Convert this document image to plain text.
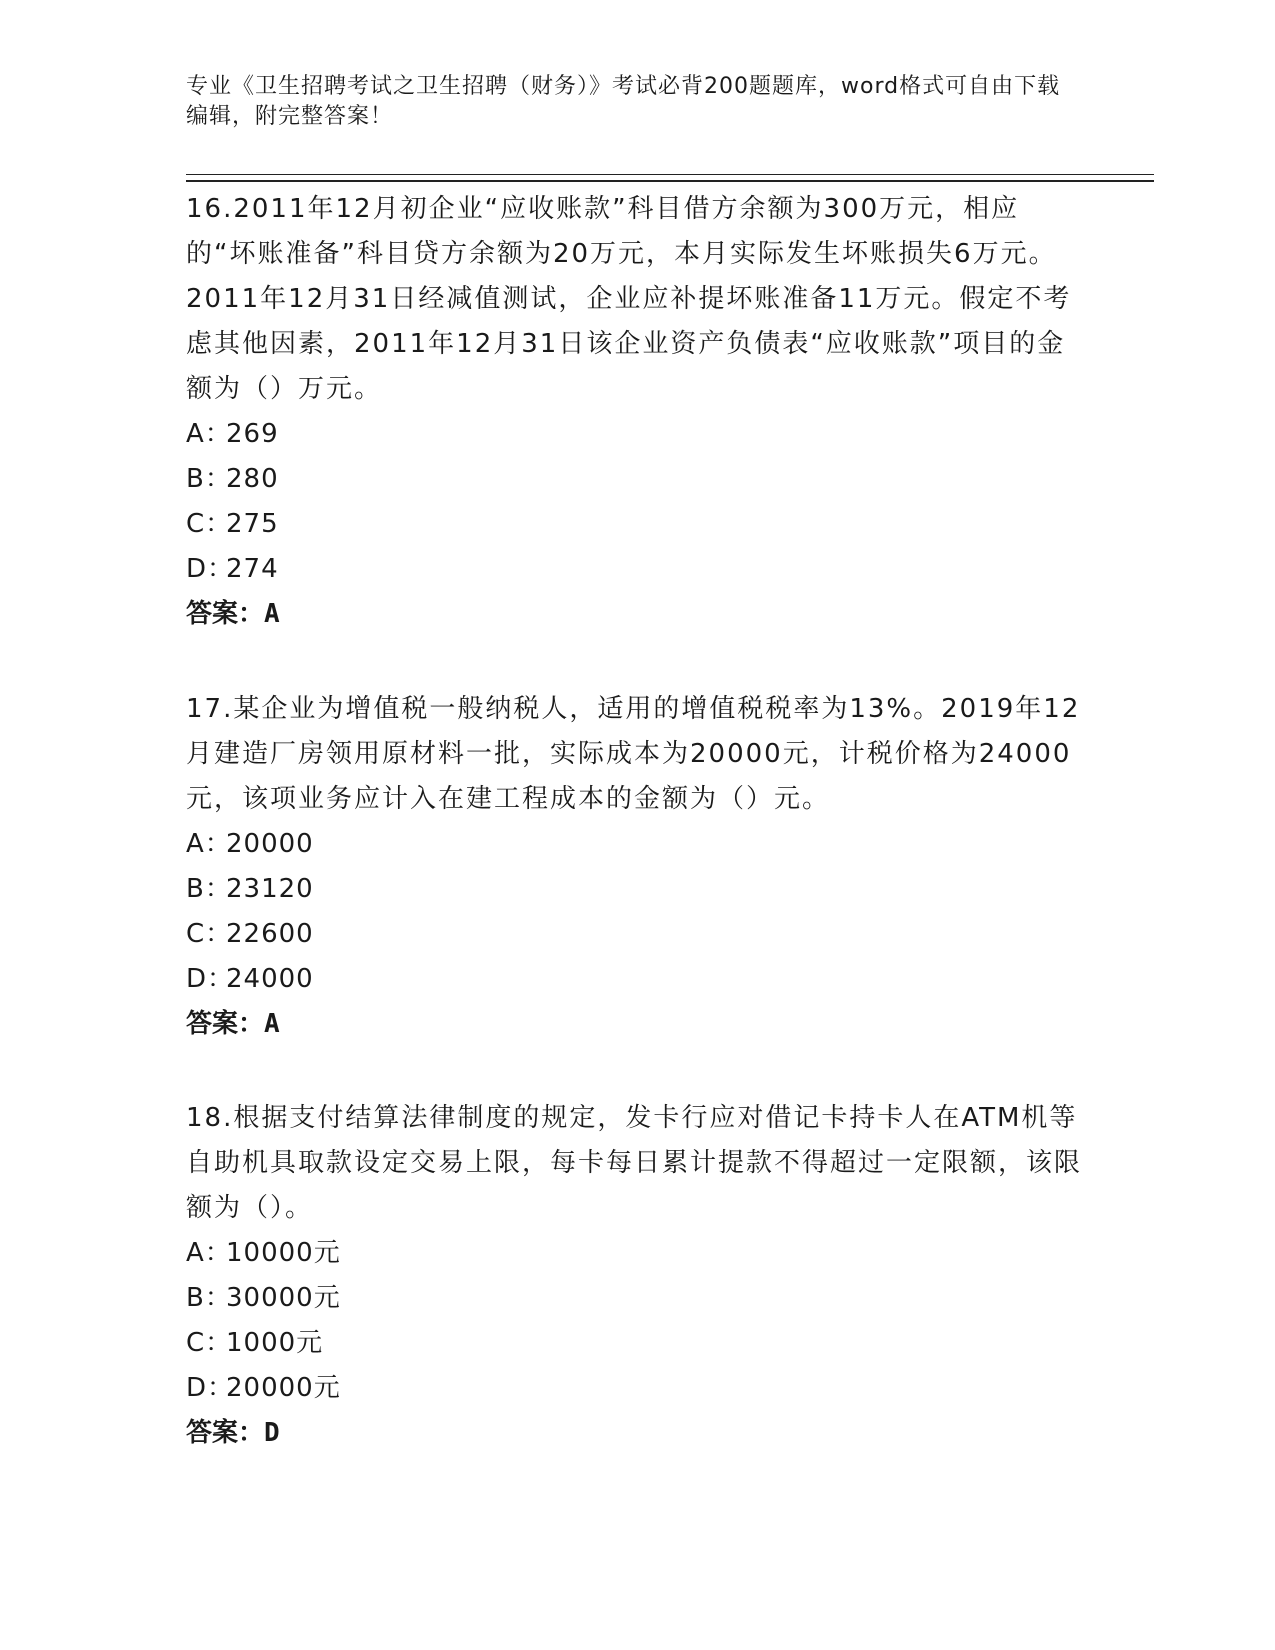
专业《卫生招聘考试之卫生招聘（财务）》考试必背200题题库，word格式可自由下载编辑，附完整答案！

16.2011年12月初企业“应收账款”科目借方余额为300万元，相应的“坏账准备”科目贷方余额为20万元，本月实际发生坏账损失6万元。2011年12月31日经减值测试，企业应补提坏账准备11万元。假定不考虑其他因素，2011年12月31日该企业资产负债表“应收账款”项目的金额为（）万元。

A：269

B：280

C：275

D：274

答案：A

17.某企业为增值税一般纳税人，适用的增值税税率为13%。2019年12月建造厂房领用原材料一批，实际成本为20000元，计税价格为24000元，该项业务应计入在建工程成本的金额为（）元。

A：20000

B：23120

C：22600

D：24000

答案：A

18.根据支付结算法律制度的规定，发卡行应对借记卡持卡人在ATM机等自助机具取款设定交易上限，每卡每日累计提款不得超过一定限额，该限额为（）。

A：10000元

B：30000元

C：1000元

D：20000元

答案：D
